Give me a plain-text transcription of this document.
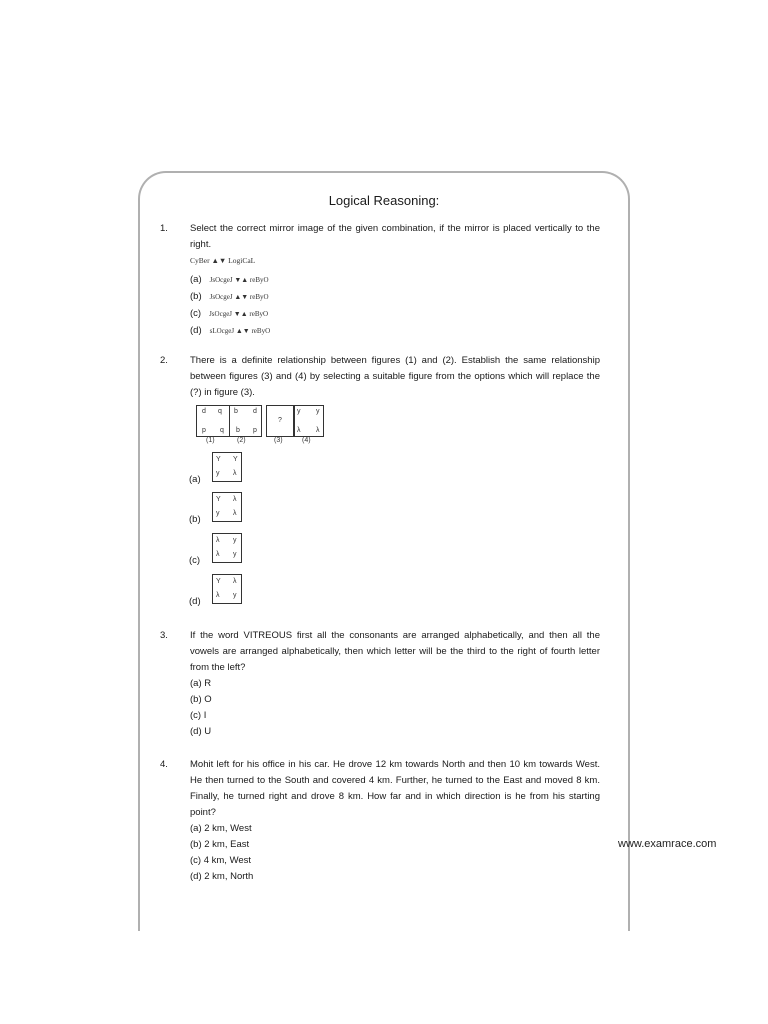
Logical Reasoning:
1. Select the correct mirror image of the given combination, if the mirror is placed vertically to the right.
CyBer ▲▼ LogiCaL
(a) JsOcgeJ ▼▲ reByO
(b) JsOcgeJ ▲▼ reByO
(c) JsOcgeJ ▼▲ reByO
(d) sLOcgeJ ▲▼ reByO
2. There is a definite relationship between figures (1) and (2). Establish the same relationship between figures (3) and (4) by selecting a suitable figure from the options which will replace the (?) in figure (3).
d q b d
p q b p
?
y y
λ λ
(1)	(2)	(3)	(4)
(a)
Y Y
y λ
(b)
Y λ
y λ
(c)
λ y
λ y
(d)
Y λ
λ y
3. If the word VITREOUS first all the consonants are arranged alphabetically, and then all the vowels are arranged alphabetically, then which letter will be the third to the right of fourth letter from the left?
(a) R
(b) O
(c) I
(d) U
4. Mohit left for his office in his car. He drove 12 km towards North and then 10 km towards West. He then turned to the South and covered 4 km. Further, he turned to the East and moved 8 km. Finally, he turned right and drove 8 km. How far and in which direction is he from his starting point?
(a) 2 km, West
(b) 2 km, East
(c) 4 km, West
(d) 2 km, North
www.examrace.com
